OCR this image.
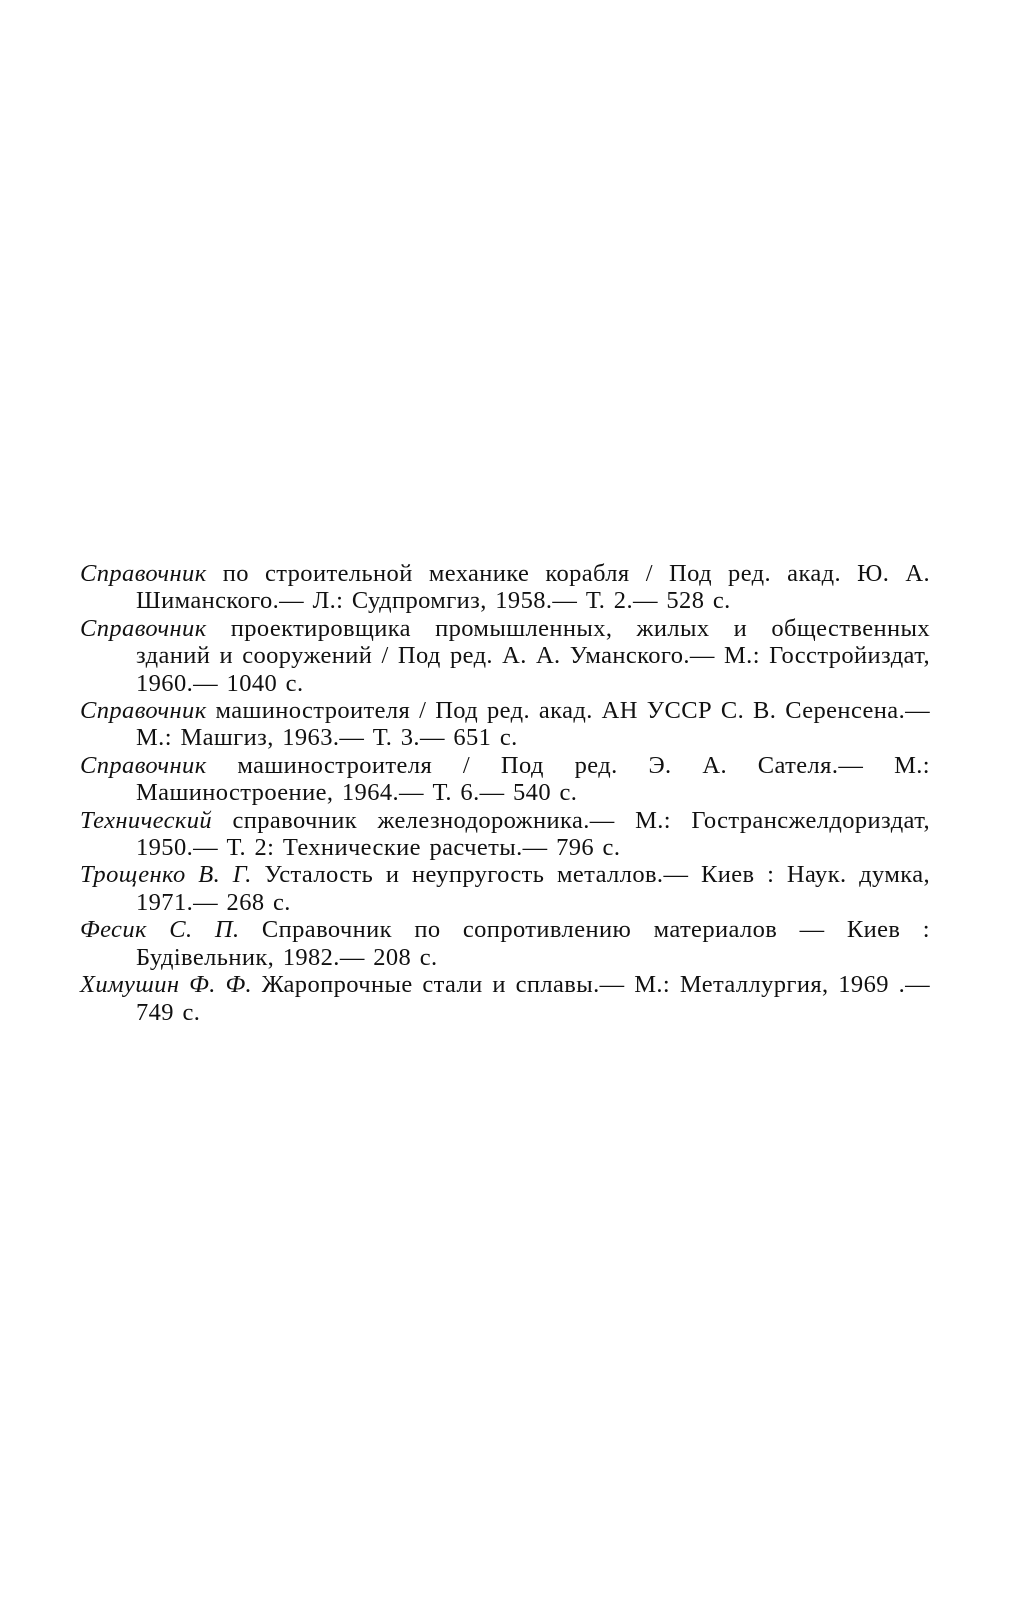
Справочник по строительной механике корабля / Под ред. акад. Ю. А. Шиманского.— Л.: Судпромгиз, 1958.— Т. 2.— 528 с.
Справочник проектировщика промышленных, жилых и общественных зданий и сооружений / Под ред. А. А. Уманского.— М.: Госстройиздат, 1960.— 1040 с.
Справочник машиностроителя / Под ред. акад. АН УССР С. В. Серенсена.— М.: Машгиз, 1963.— Т. 3.— 651 с.
Справочник машиностроителя / Под ред. Э. А. Сателя.— М.: Машиностроение, 1964.— Т. 6.— 540 с.
Технический справочник железнодорожника.— М.: Гострансжелдориздат, 1950.— Т. 2: Технические расчеты.— 796 с.
Трощенко В. Г. Усталость и неупругость металлов.— Киев : Наук. думка, 1971.— 268 с.
Фесик С. П. Справочник по сопротивлению материалов — Киев : Будівельник, 1982.— 208 с.
Химушин Ф. Ф. Жаропрочные стали и сплавы.— М.: Металлургия, 1969 .— 749 с.
